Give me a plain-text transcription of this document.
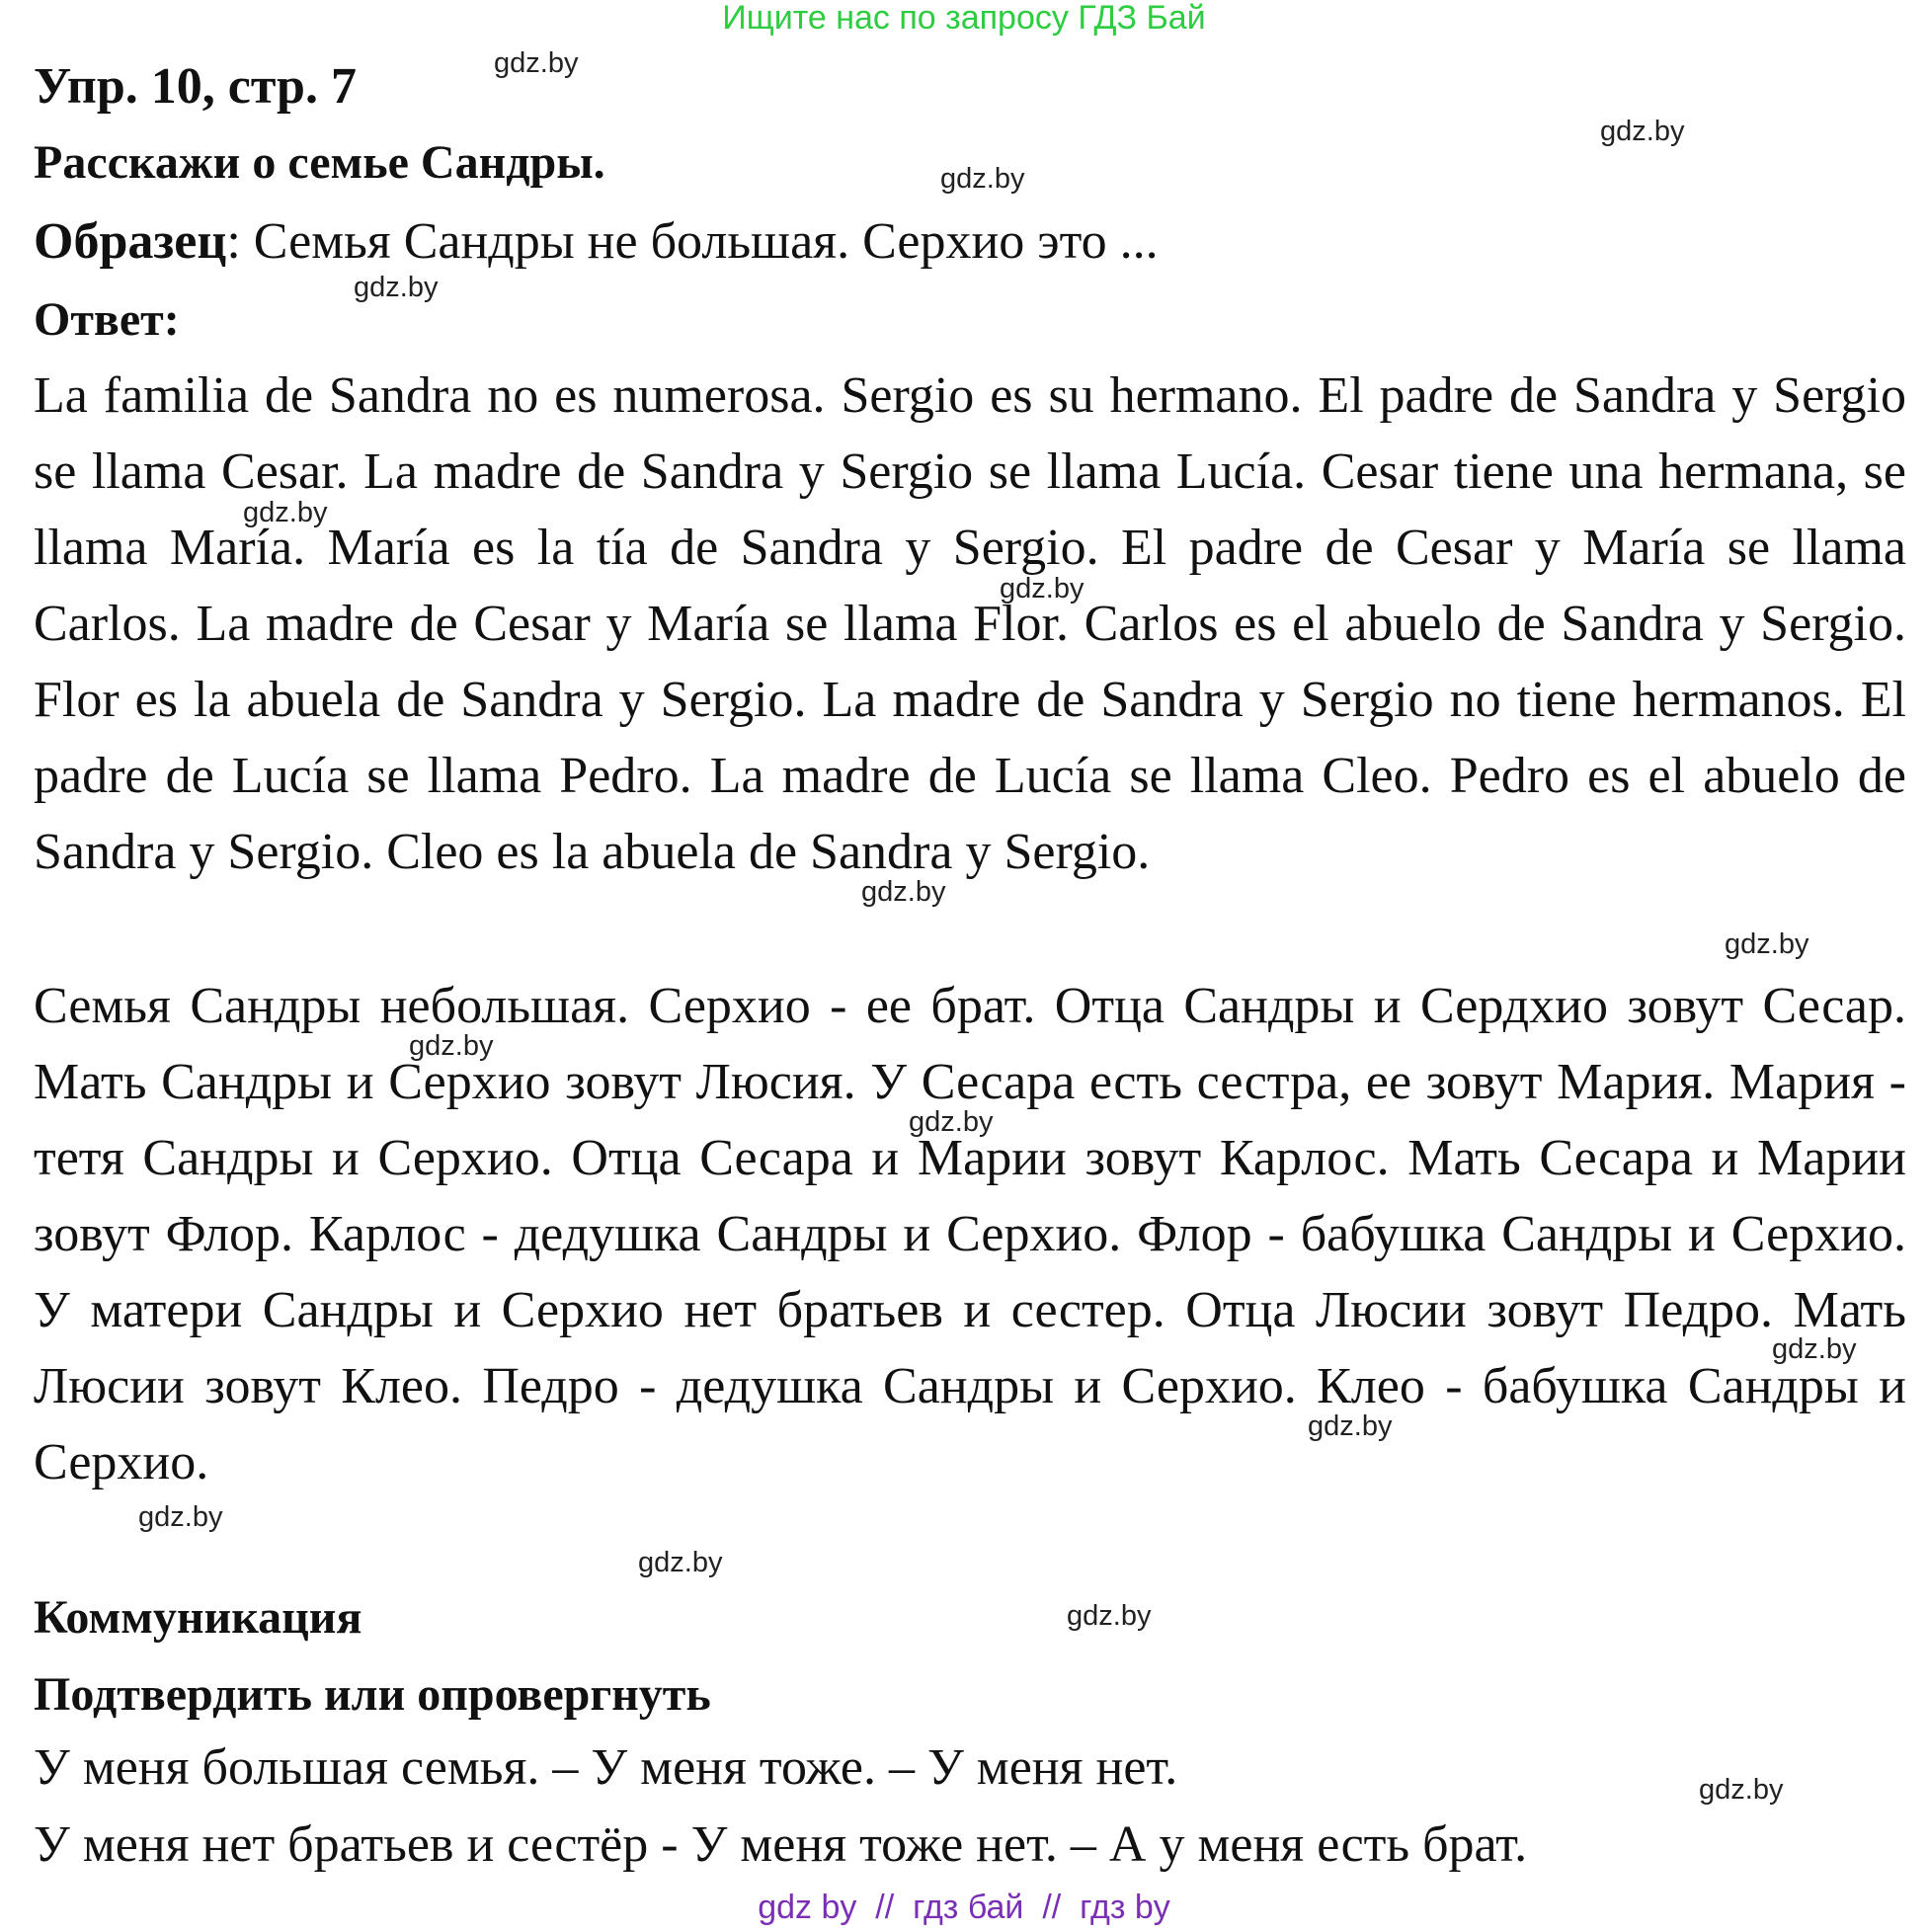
Ищите нас по запросу ГДЗ Бай
Упр. 10, стр. 7
Расскажи о семье Сандры.
Образец: Семья Сандры не большая. Серхио это ...
Ответ:
La familia de Sandra no es numerosa. Sergio es su hermano. El padre de Sandra y Sergio se llama Cesar. La madre de Sandra y Sergio se llama Lucía. Cesar tiene una hermana, se llama María. María es la tía de Sandra y Sergio. El padre de Cesar y María se llama Carlos. La madre de Cesar y María se llama Flor. Carlos es el abuelo de Sandra y Sergio. Flor es la abuela de Sandra y Sergio. La madre de Sandra y Sergio no tiene hermanos. El padre de Lucía se llama Pedro. La madre de Lucía se llama Cleo. Pedro es el abuelo de Sandra y Sergio. Cleo es la abuela de Sandra y Sergio.
Семья Сандры небольшая. Серхио - ее брат. Отца Сандры и Сердхио зовут Сесар. Мать Сандры и Серхио зовут Люсия. У Сесара есть сестра, ее зовут Мария. Мария - тетя Сандры и Серхио. Отца Сесара и Марии зовут Карлос. Мать Сесара и Марии зовут Флор. Карлос - дедушка Сандры и Серхио. Флор - бабушка Сандры и Серхио. У матери Сандры и Серхио нет братьев и сестер. Отца Люсии зовут Педро. Мать Люсии зовут Клео. Педро - дедушка Сандры и Серхио. Клео - бабушка Сандры и Серхио.
Коммуникация
Подтвердить или опровергнуть
У меня большая семья. – У меня тоже. – У меня нет.
У меня нет братьев и сестёр - У меня тоже нет. – А у меня есть брат.
gdz.by
gdz.by
gdz.by
gdz.by
gdz.by
gdz.by
gdz.by
gdz.by
gdz.by
gdz.by
gdz.by
gdz.by
gdz.by
gdz.by
gdz.by
gdz.by
gdz by  //  гдз бай  //  гдз by
